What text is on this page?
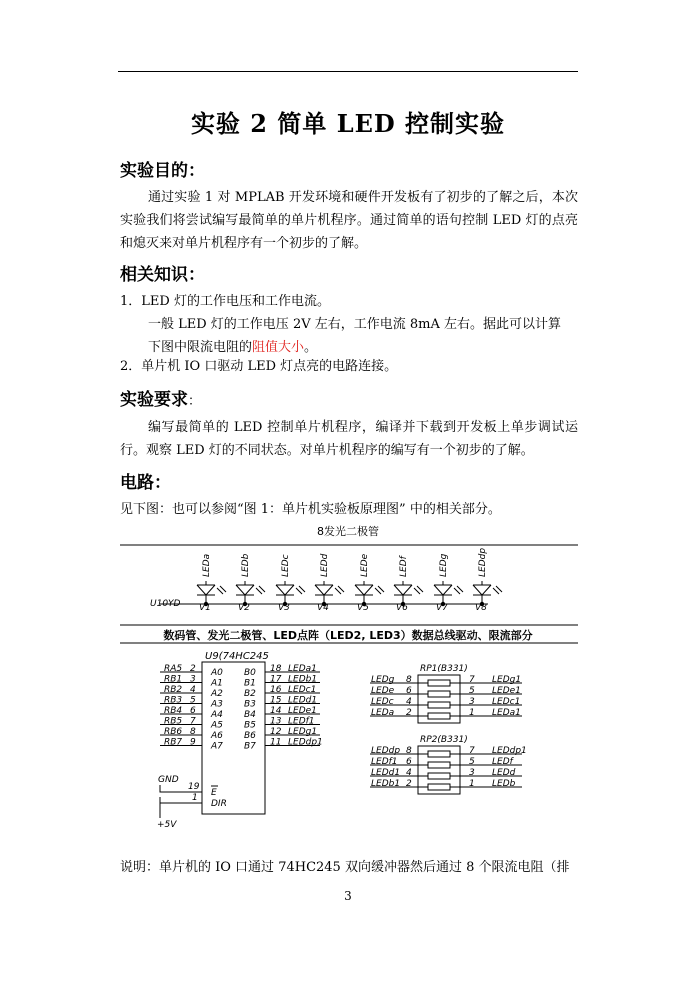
实验 2 简单 LED 控制实验
实验目的：
通过实验 1 对 MPLAB 开发环境和硬件开发板有了初步的了解之后，本次实验我们将尝试编写最简单的单片机程序。通过简单的语句控制 LED 灯的点亮和熄灭来对单片机程序有一个初步的了解。
相关知识：
1．LED 灯的工作电压和工作电流。
一般 LED 灯的工作电压 2V 左右，工作电流 8mA 左右。据此可以计算
下图中限流电阻的阻值大小。
2．单片机 IO 口驱动 LED 灯点亮的电路连接。
实验要求：
编写最简单的 LED 控制单片机程序，编译并下载到开发板上单步调试运行。观察 LED 灯的不同状态。对单片机程序的编写有一个初步的了解。
电路：
见下图：也可以参阅“图 1：单片机实验板原理图” 中的相关部分。
8发光二极管
数码管、发光二极管、LED点阵（LED2, LED3）数据总线驱动、限流部分
U10YD
LEDa
V1
LEDb
V2
LEDc
V3
LEDd
V4
LEDe
V5
LEDf
V6
LEDg
V7
LEDdp
V8
U9(74HC245
RA5 2 A0 B0 18 LEDa1
RB1 3 A1 B1 17 LEDb1
RB2 4 A2 B2 16 LEDc1
RB3 5 A3 B3 15 LEDd1
RB4 6 A4 B4 14 LEDe1
RB5 7 A5 B5 13 LEDf1
RB6 8 A6 B6 12 LEDg1
RB7 9 A7 B7 11 LEDdp1
GND
19
1 E
DIR
+5V
RP1(B331)
LEDg 8	7 LEDg1
LEDe 6	5 LEDe1
LEDc 4	3 LEDc1
LEDa 2	1 LEDa1
RP2(B331)
LEDdp 8	7 LEDdp1
LEDf1 6	5 LEDf
LEDd1 4	3 LEDd
LEDb1 2	1 LEDb
说明：单片机的 IO 口通过 74HC245 双向缓冲器然后通过 8 个限流电阻（排
3
